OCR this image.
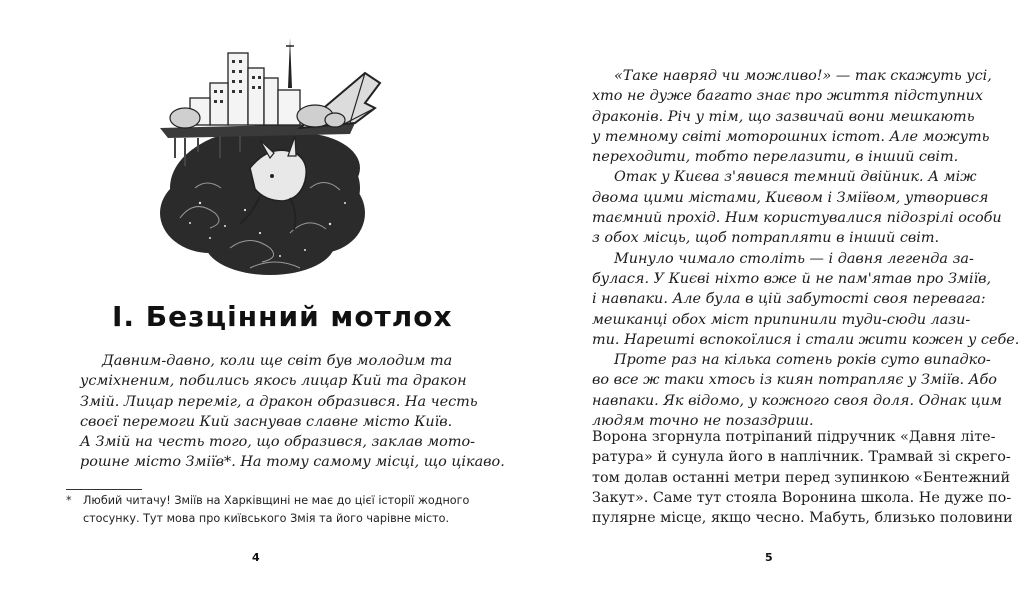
І. Безцінний мотлох
Давним-давно, коли ще світ був молодим та
усміхненим, побились якось лицар Кий та дракон
Змій. Лицар переміг, а дракон образився. На честь
своєї перемоги Кий заснував славне місто Київ.
А Змій на честь того, що образився, заклав мото-
рошне місто Зміїв*. На тому самому місці, що цікаво.
* Любий читачу! Зміїв на Харківщині не має до цієї історії жодного
стосунку. Тут мова про київського Змія та його чарівне місто.
4
«Таке навряд чи можливо!» — так скажуть усі,
хто не дуже багато знає про життя підступних
драконів. Річ у тім, що зазвичай вони мешкають
у темному світі моторошних істот. Але можуть
переходити, тобто перелазити, в інший світ.
Отак у Києва з'явився темний двійник. А між
двома цими містами, Києвом і Зміївом, утворився
таємний прохід. Ним користувалися підозрілі особи
з обох місць, щоб потрапляти в інший світ.
Минуло чимало століть — і давня легенда за-
булася. У Києві ніхто вже й не пам'ятав про Зміїв,
і навпаки. Але була в цій забутості своя перевага:
мешканці обох міст припинили туди-сюди лази-
ти. Нарешті вспокоїлися і стали жити кожен у себе.
Проте раз на кілька сотень років суто випадко-
во все ж таки хтось із киян потрапляє у Зміїв. Або
навпаки. Як відомо, у кожного своя доля. Однак цим
людям точно не позаздриш.
Ворона згорнула потріпаний підручник «Давня літе-
ратура» й сунула його в наплічник. Трамвай зі скрего-
том долав останні метри перед зупинкою «Бентежний
Закут». Саме тут стояла Воронина школа. Не дуже по-
пулярне місце, якщо чесно. Мабуть, близько половини
5
